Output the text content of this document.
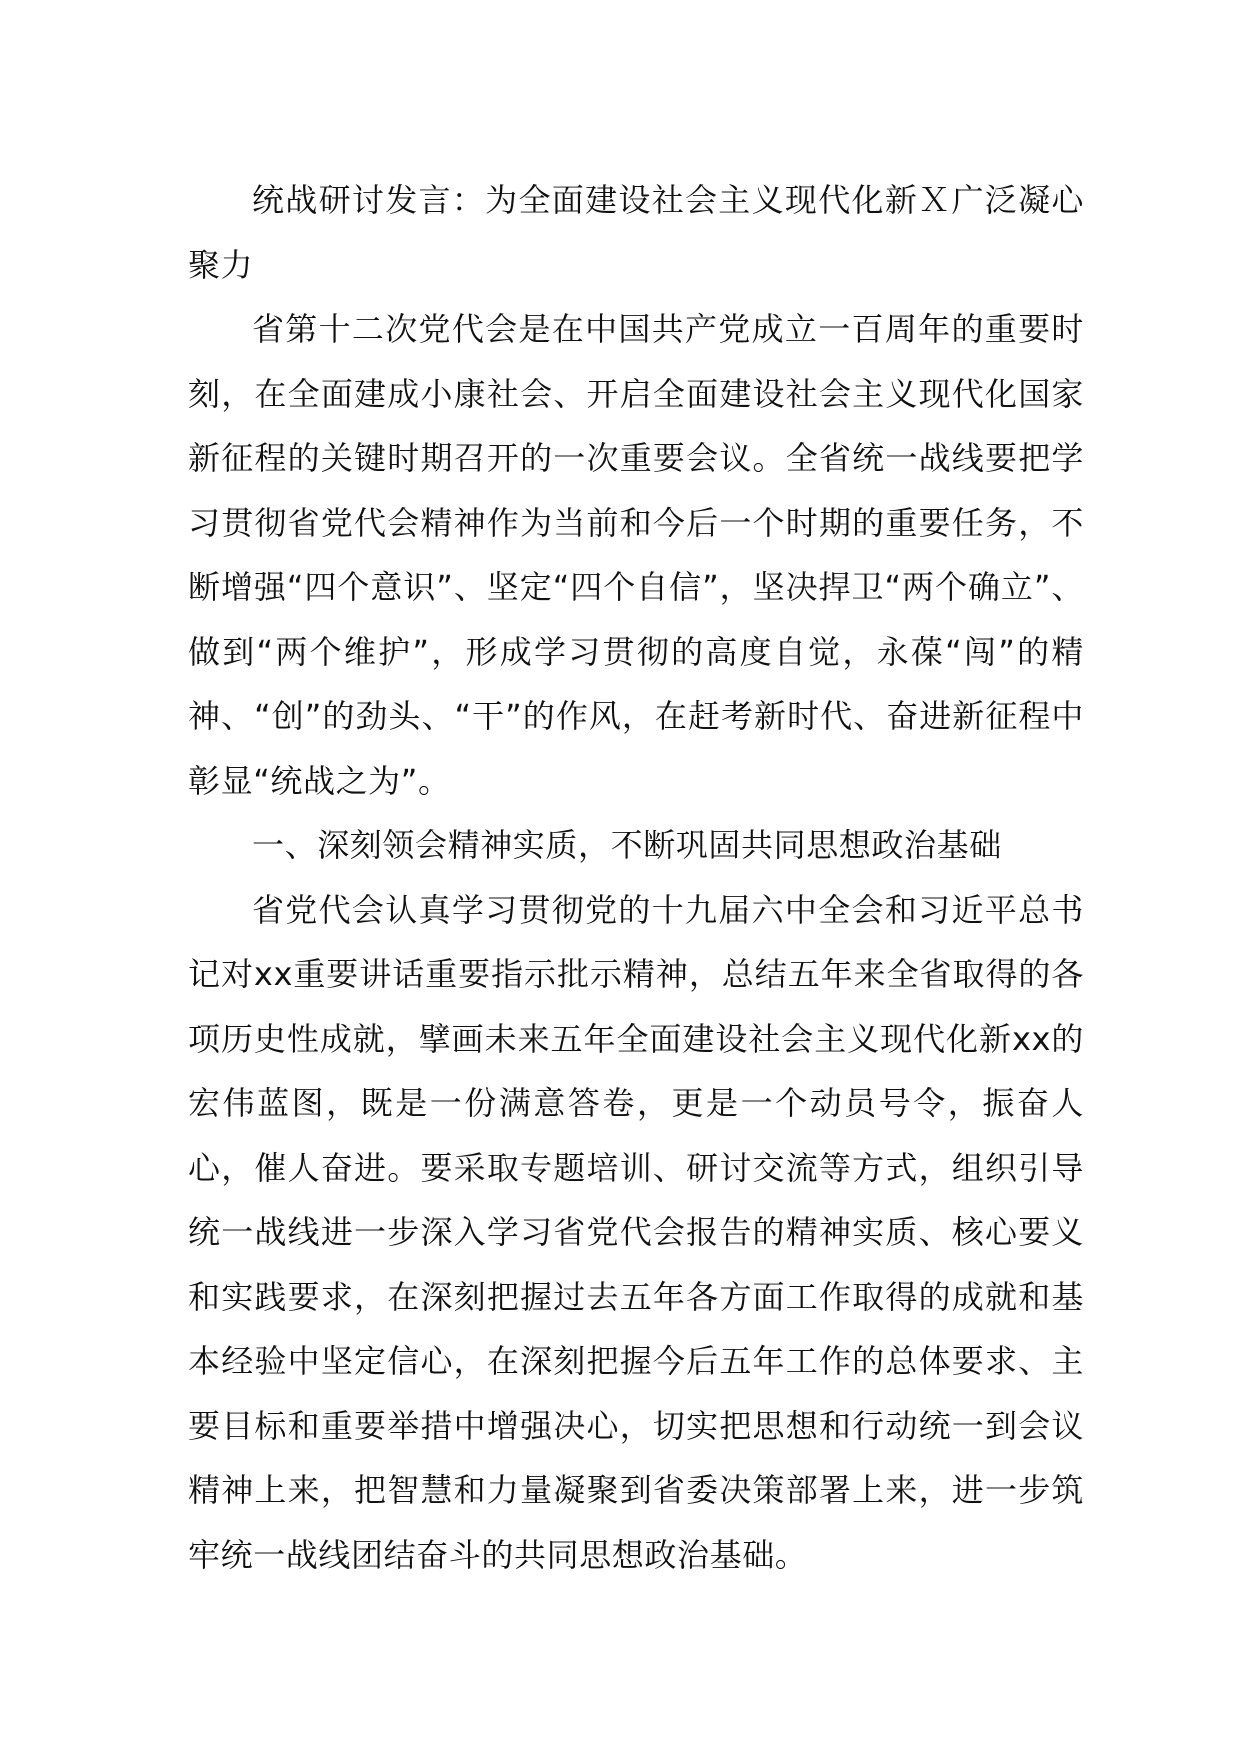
统战研讨发言：为全面建设社会主义现代化新Ｘ广泛凝心聚力

省第十二次党代会是在中国共产党成立一百周年的重要时刻，在全面建成小康社会、开启全面建设社会主义现代化国家新征程的关键时期召开的一次重要会议。全省统一战线要把学习贯彻省党代会精神作为当前和今后一个时期的重要任务，不断增强“四个意识”、坚定“四个自信”，坚决捍卫“两个确立”、做到“两个维护”，形成学习贯彻的高度自觉，永葆“闯”的精神、“创”的劲头、“干”的作风，在赶考新时代、奋进新征程中彰显“统战之为”。

一、深刻领会精神实质，不断巩固共同思想政治基础

省党代会认真学习贯彻党的十九届六中全会和习近平总书记对xx重要讲话重要指示批示精神，总结五年来全省取得的各项历史性成就，擘画未来五年全面建设社会主义现代化新xx的宏伟蓝图，既是一份满意答卷，更是一个动员号令，振奋人心，催人奋进。要采取专题培训、研讨交流等方式，组织引导统一战线进一步深入学习省党代会报告的精神实质、核心要义和实践要求，在深刻把握过去五年各方面工作取得的成就和基本经验中坚定信心，在深刻把握今后五年工作的总体要求、主要目标和重要举措中增强决心，切实把思想和行动统一到会议精神上来，把智慧和力量凝聚到省委决策部署上来，进一步筑牢统一战线团结奋斗的共同思想政治基础。
